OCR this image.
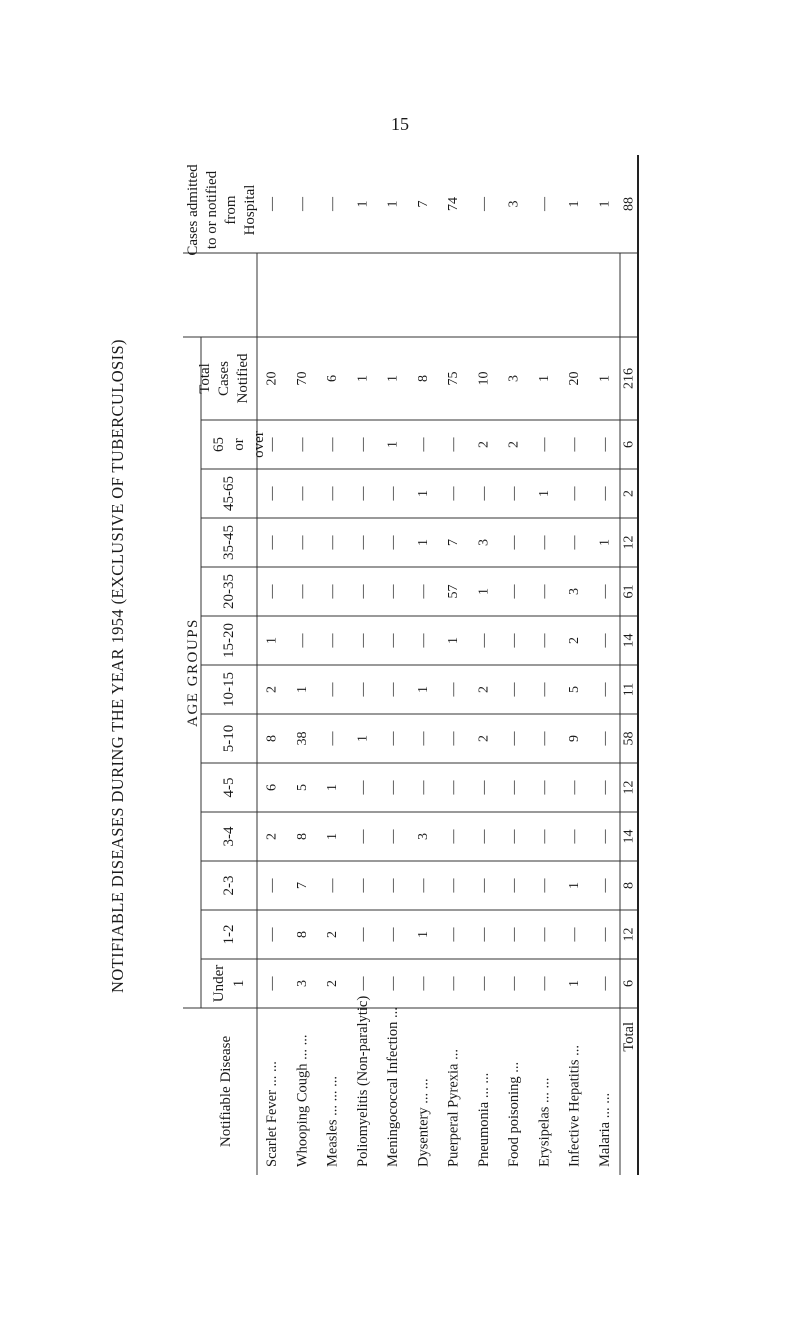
15
NOTIFIABLE DISEASES DURING THE YEAR 1954 (EXCLUSIVE OF TUBERCULOSIS)
Cases admitted to or notified from Hospital
Total Cases Notified
AGE GROUPS
Under 1
1-2
2-3
3-4
4-5
5-10
10-15
15-20
20-35
35-45
45-65
65 or over
Notifiable Disease
—
20
—
—
—
2
6
8
2
1
—
—
—
—
Scarlet Fever ... ...
—
70
3
8
7
8
5
38
1
—
—
—
—
—
Whooping Cough ... ...
—
6
2
2
—
1
1
—
—
—
—
—
—
—
Measles ... ... ...
1
1
—
—
—
—
—
1
—
—
—
—
—
—
Poliomyelitis (Non-paralytic)
1
1
—
—
—
—
—
—
—
—
—
—
—
1
Meningococcal Infection ...
7
8
—
1
—
3
—
—
1
—
—
1
1
—
Dysentery ... ...
74
75
—
—
—
—
—
—
—
1
57
7
—
—
Puerperal Pyrexia ...
—
10
—
—
—
—
—
2
2
—
1
3
—
2
Pneumonia ... ...
3
3
—
—
—
—
—
—
—
—
—
—
—
2
Food poisoning ...
—
1
—
—
—
—
—
—
—
—
—
—
1
—
Erysipelas ... ...
1
20
1
—
1
—
—
9
5
2
3
—
—
—
Infective Hepatitis ...
1
1
—
—
—
—
—
—
—
—
—
1
—
—
Malaria ... ...
88
216
6
12
8
14
12
58
11
14
61
12
2
6
Total
